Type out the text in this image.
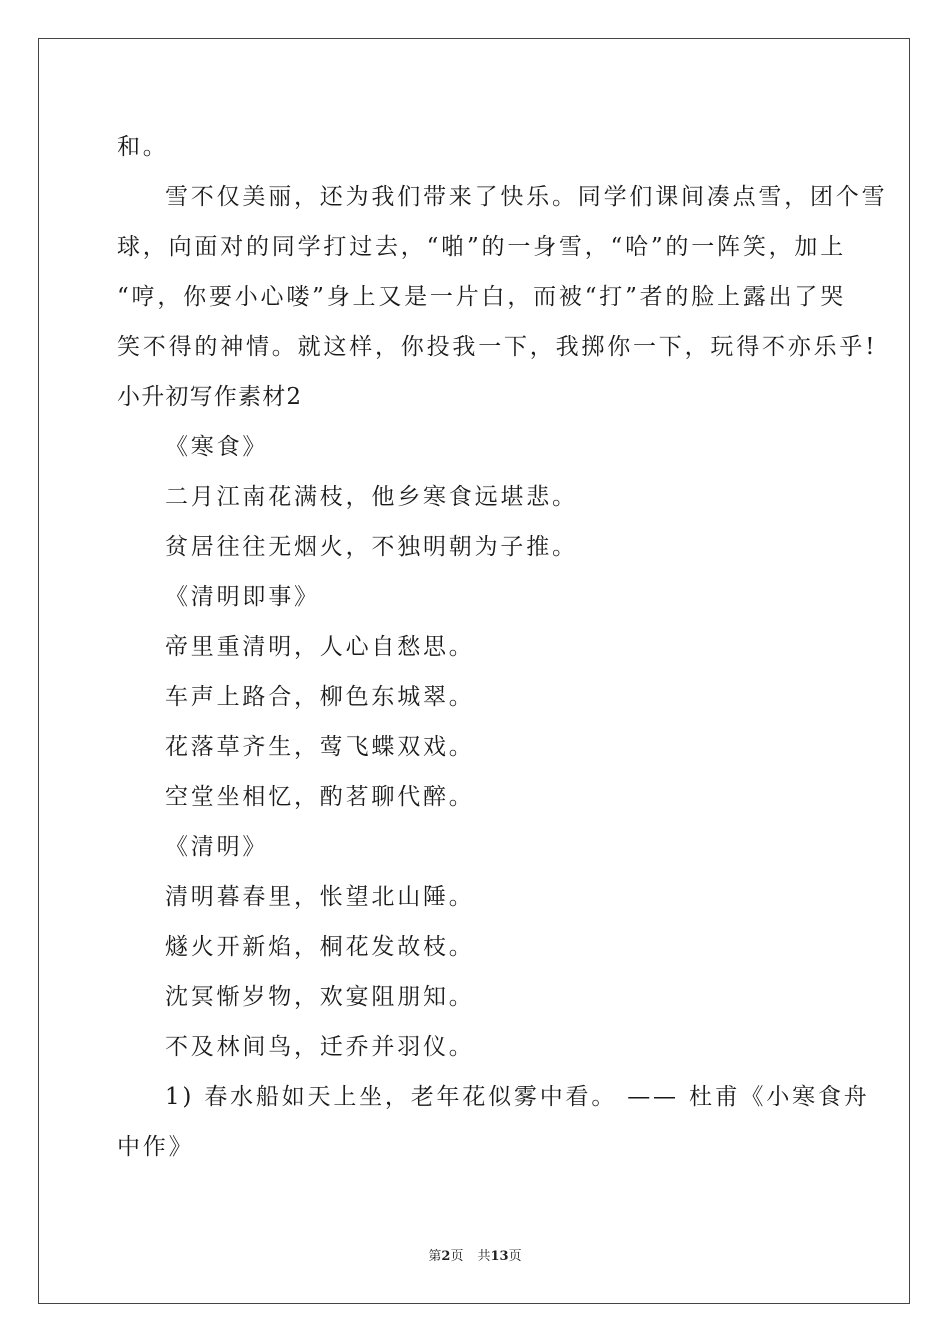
和。
雪不仅美丽，还为我们带来了快乐。同学们课间凑点雪，团个雪
球，向面对的同学打过去，“啪”的一身雪，“哈”的一阵笑，加上
“哼，你要小心喽”身上又是一片白，而被“打”者的脸上露出了哭
笑不得的神情。就这样，你投我一下，我掷你一下，玩得不亦乐乎!
小升初写作素材2
《寒食》
二月江南花满枝，他乡寒食远堪悲。
贫居往往无烟火，不独明朝为子推。
《清明即事》
帝里重清明，人心自愁思。
车声上路合，柳色东城翠。
花落草齐生，莺飞蝶双戏。
空堂坐相忆，酌茗聊代醉。
《清明》
清明暮春里，怅望北山陲。
燧火开新焰，桐花发故枝。
沈冥惭岁物，欢宴阻朋知。
不及林间鸟，迁乔并羽仪。
1) 春水船如天上坐，老年花似雾中看。 —— 杜甫《小寒食舟
中作》
第2页 共13页
